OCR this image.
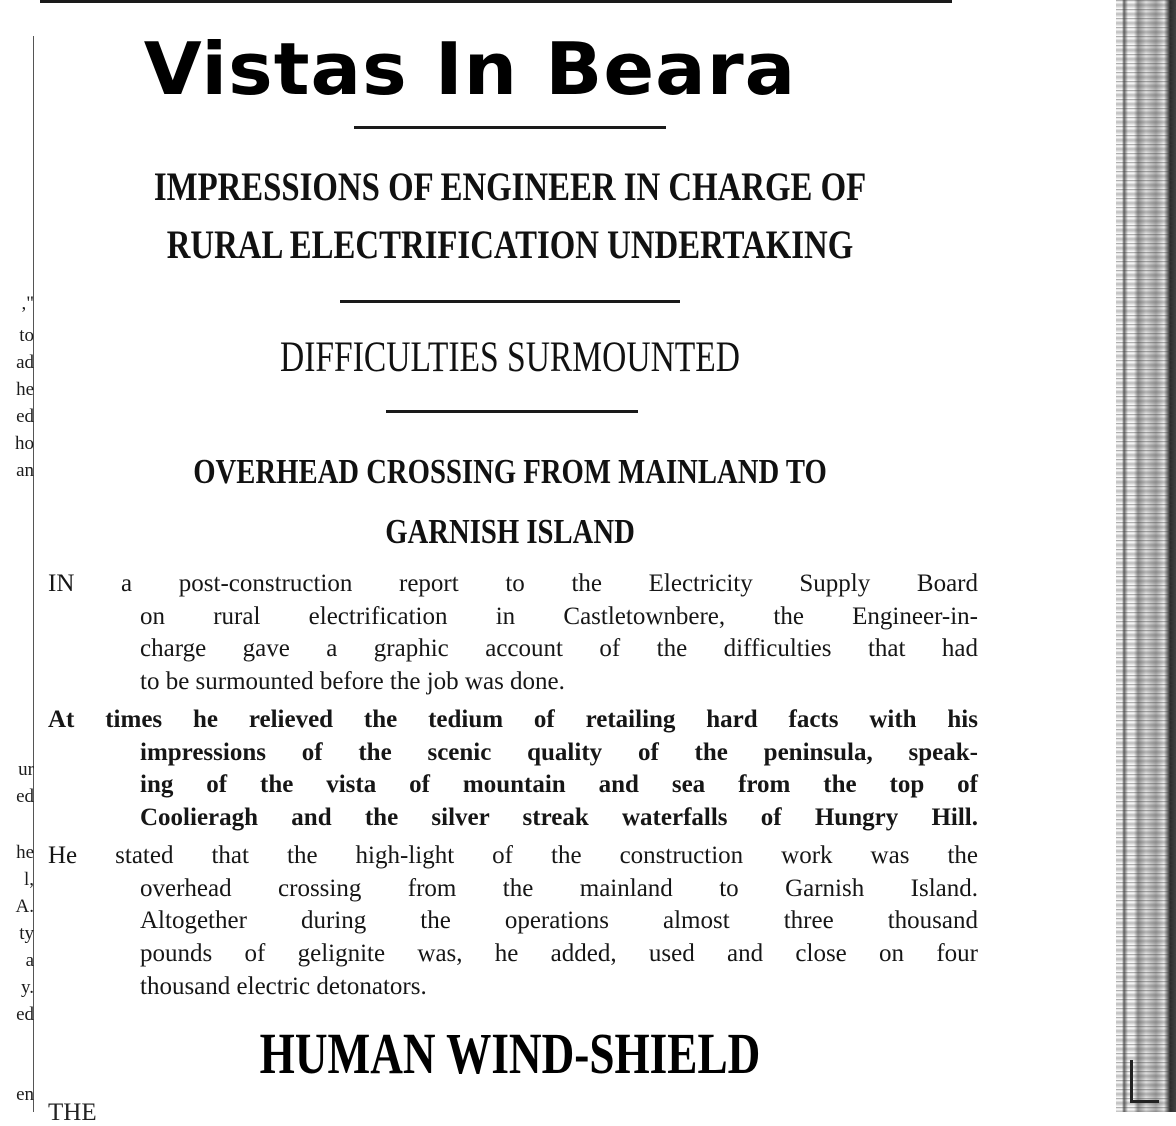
,"
to
ad
he
ed
ho
an
ur
ed
he
l,
A.
ty
a
y.
ed
en
Vistas In Beara
IMPRESSIONS OF ENGINEER IN CHARGE OF
RURAL ELECTRIFICATION UNDERTAKING
DIFFICULTIES SURMOUNTED
OVERHEAD CROSSING FROM MAINLAND TO
GARNISH ISLAND
IN a post-construction report to the Electricity Supply Board
on rural electrification in Castletownbere, the Engineer-in-
charge gave a graphic account of the difficulties that had
to be surmounted before the job was done.
At times he relieved the tedium of retailing hard facts with his
impressions of the scenic quality of the peninsula, speak-
ing of the vista of mountain and sea from the top of
Coolieragh and the silver streak waterfalls of Hungry Hill.
He stated that the high-light of the construction work was the
overhead crossing from the mainland to Garnish Island.
Altogether during the operations almost three thousand
pounds of gelignite was, he added, used and close on four
thousand electric detonators.
HUMAN WIND-SHIELD
THE
